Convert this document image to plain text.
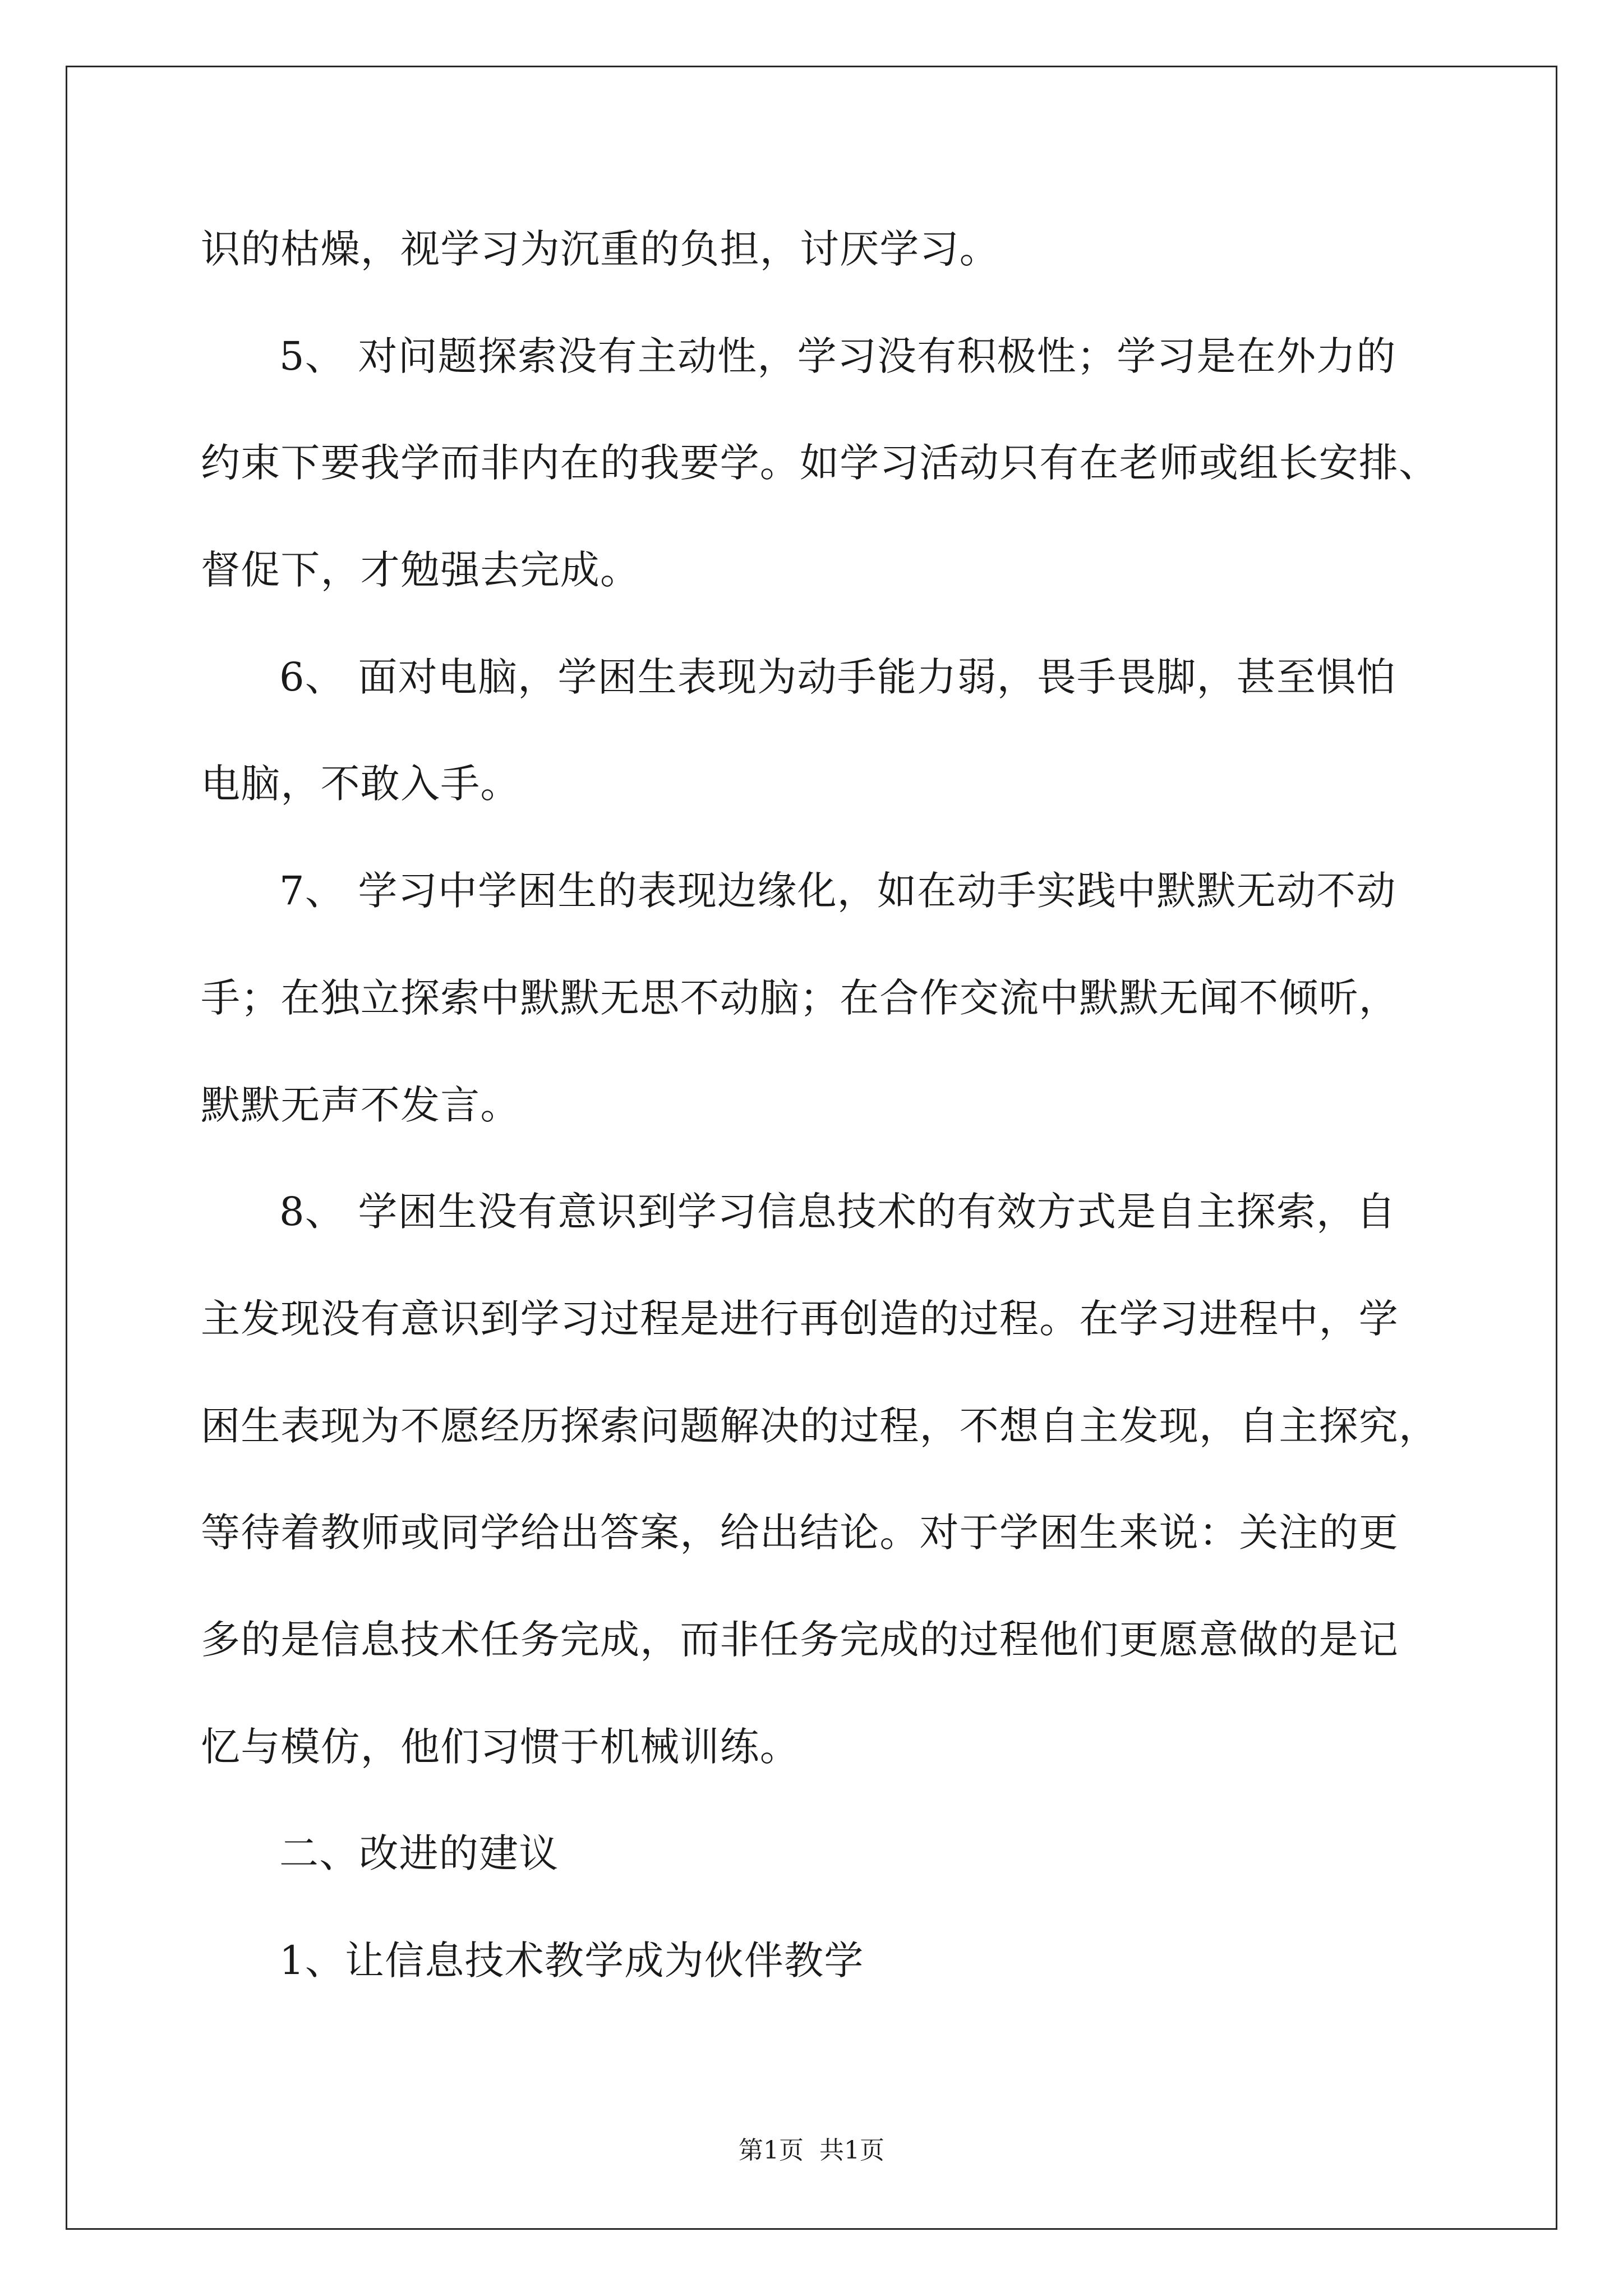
识的枯燥，视学习为沉重的负担，讨厌学习。
5、 对问题探索没有主动性，学习没有积极性；学习是在外力的
约束下要我学而非内在的我要学。如学习活动只有在老师或组长安排、
督促下，才勉强去完成。
6、 面对电脑，学困生表现为动手能力弱，畏手畏脚，甚至惧怕
电脑，不敢入手。
7、 学习中学困生的表现边缘化，如在动手实践中默默无动不动
手；在独立探索中默默无思不动脑；在合作交流中默默无闻不倾听，
默默无声不发言。
8、 学困生没有意识到学习信息技术的有效方式是自主探索，自
主发现没有意识到学习过程是进行再创造的过程。在学习进程中，学
困生表现为不愿经历探索问题解决的过程，不想自主发现，自主探究，
等待着教师或同学给出答案，给出结论。对于学困生来说：关注的更
多的是信息技术任务完成，而非任务完成的过程他们更愿意做的是记
忆与模仿，他们习惯于机械训练。
二、改进的建议
1、让信息技术教学成为伙伴教学
第1页  共1页
